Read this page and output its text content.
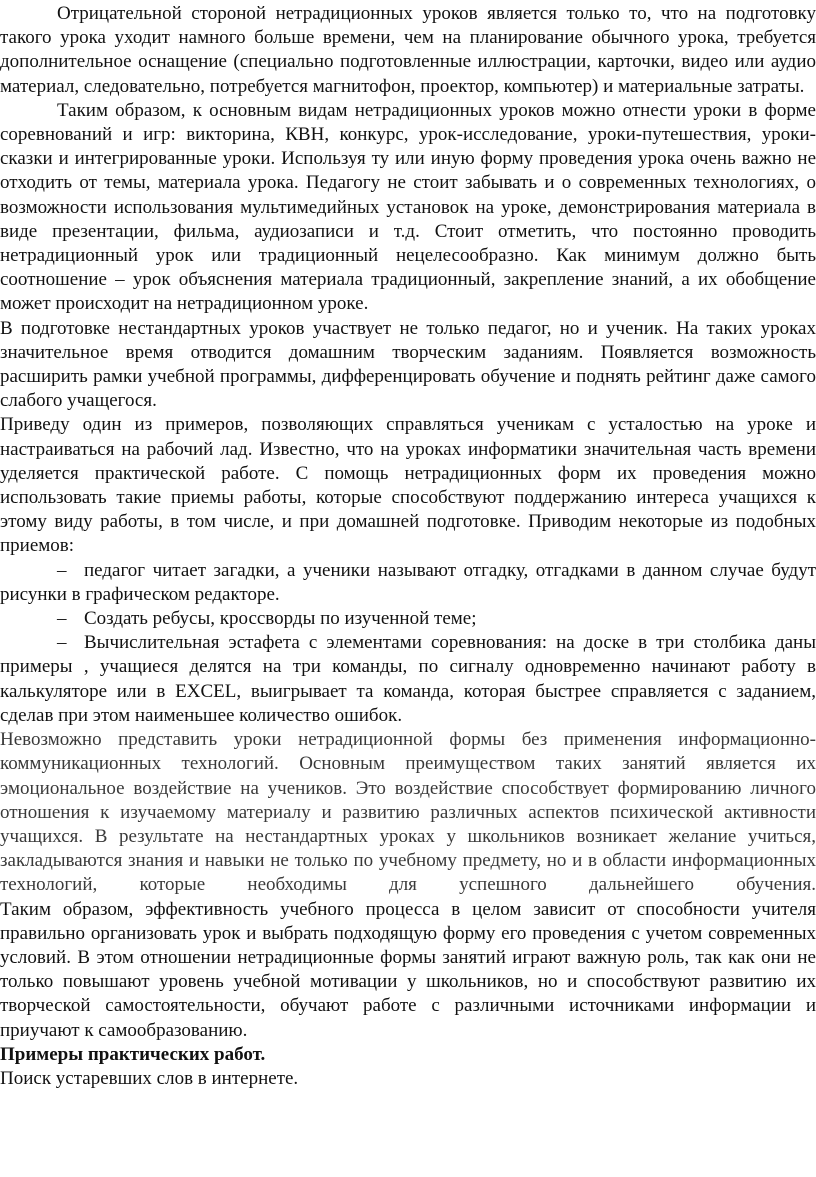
Отрицательной стороной нетрадиционных уроков является только то, что на подготовку такого урока уходит намного больше времени, чем на планирование обычного урока, требуется дополнительное оснащение (специально подготовленные иллюстрации, карточки, видео или аудио материал, следовательно, потребуется магнитофон, проектор, компьютер) и материальные затраты.

Таким образом, к основным видам нетрадиционных уроков можно отнести уроки в форме соревнований и игр: викторина, КВН, конкурс, урок-исследование, уроки-путешествия, уроки-сказки и интегрированные уроки. Используя ту или иную форму проведения урока очень важно не отходить от темы, материала урока. Педагогу не стоит забывать и о современных технологиях, о возможности использования мультимедийных установок на уроке, демонстрирования материала в виде презентации, фильма, аудиозаписи и т.д. Стоит отметить, что постоянно проводить нетрадиционный урок или традиционный нецелесообразно. Как минимум должно быть соотношение – урок объяснения материала традиционный, закрепление знаний, а их обобщение может происходит на нетрадиционном уроке.

В подготовке нестандартных уроков участвует не только педагог, но и ученик. На таких уроках значительное время отводится домашним творческим заданиям. Появляется возможность расширить рамки учебной программы, дифференцировать обучение и поднять рейтинг даже самого слабого учащегося.

Приведу один из примеров, позволяющих справляться ученикам с усталостью на уроке и настраиваться на рабочий лад. Известно, что на уроках информатики значительная часть времени уделяется практической работе. С помощь нетрадиционных форм их проведения можно использовать такие приемы работы, которые способствуют поддержанию интереса учащихся к этому виду работы, в том числе, и при домашней подготовке. Приводим некоторые из подобных приемов:

– педагог читает загадки, а ученики называют отгадку, отгадками в данном случае будут рисунки в графическом редакторе.

– Создать ребусы, кроссворды по изученной теме;

– Вычислительная эстафета с элементами соревнования: на доске в три столбика даны примеры , учащиеся делятся на три команды, по сигналу одновременно начинают работу в калькуляторе или в EXCEL, выигрывает та команда, которая быстрее справляется с заданием, сделав при этом наименьшее количество ошибок.

Невозможно представить уроки нетрадиционной формы без применения информационно-коммуникационных технологий. Основным преимуществом таких занятий является их эмоциональное воздействие на учеников. Это воздействие способствует формированию личного отношения к изучаемому материалу и развитию различных аспектов психической активности учащихся. В результате на нестандартных уроках у школьников возникает желание учиться, закладываются знания и навыки не только по учебному предмету, но и в области информационных технологий, которые необходимы для успешного дальнейшего обучения.

Таким образом, эффективность учебного процесса в целом зависит от способности учителя правильно организовать урок и выбрать подходящую форму его проведения с учетом современных условий. В этом отношении нетрадиционные формы занятий играют важную роль, так как они не только повышают уровень учебной мотивации у школьников, но и способствуют развитию их творческой самостоятельности, обучают работе с различными источниками информации и приучают к самообразованию.

Примеры практических работ.

Поиск устаревших слов в интернете.
